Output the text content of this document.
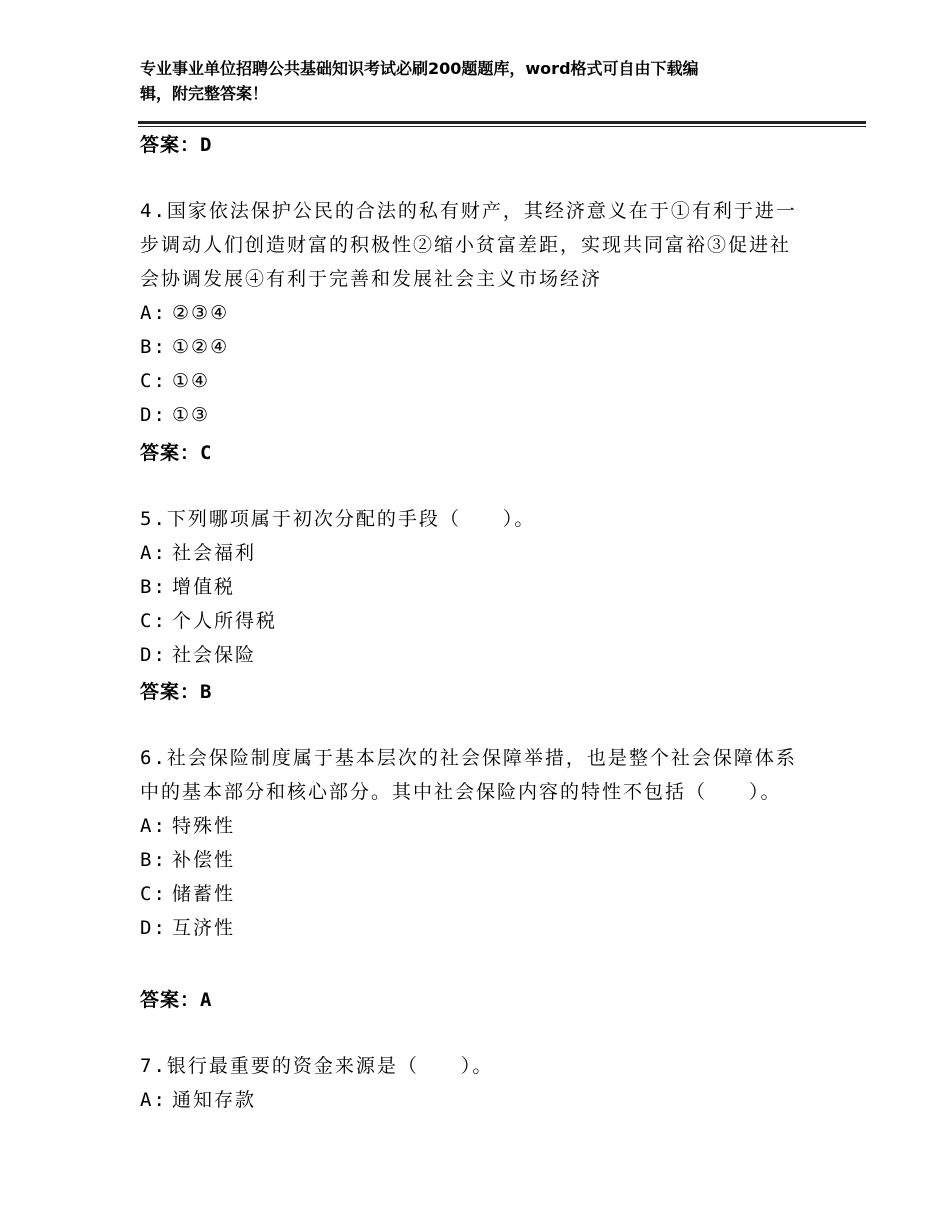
专业事业单位招聘公共基础知识考试必刷200题题库，word格式可自由下载编
辑，附完整答案！
答案：D
4.国家依法保护公民的合法的私有财产，其经济意义在于①有利于进一步调动人们创造财富的积极性②缩小贫富差距，实现共同富裕③促进社会协调发展④有利于完善和发展社会主义市场经济
A: ②③④
B: ①②④
C: ①④
D: ①③
答案：C
5.下列哪项属于初次分配的手段（　　）。
A: 社会福利
B: 增值税
C: 个人所得税
D: 社会保险
答案：B
6.社会保险制度属于基本层次的社会保障举措，也是整个社会保障体系中的基本部分和核心部分。其中社会保险内容的特性不包括（　　）。
A: 特殊性
B: 补偿性
C: 储蓄性
D: 互济性
答案：A
7.银行最重要的资金来源是（　　）。
A: 通知存款
